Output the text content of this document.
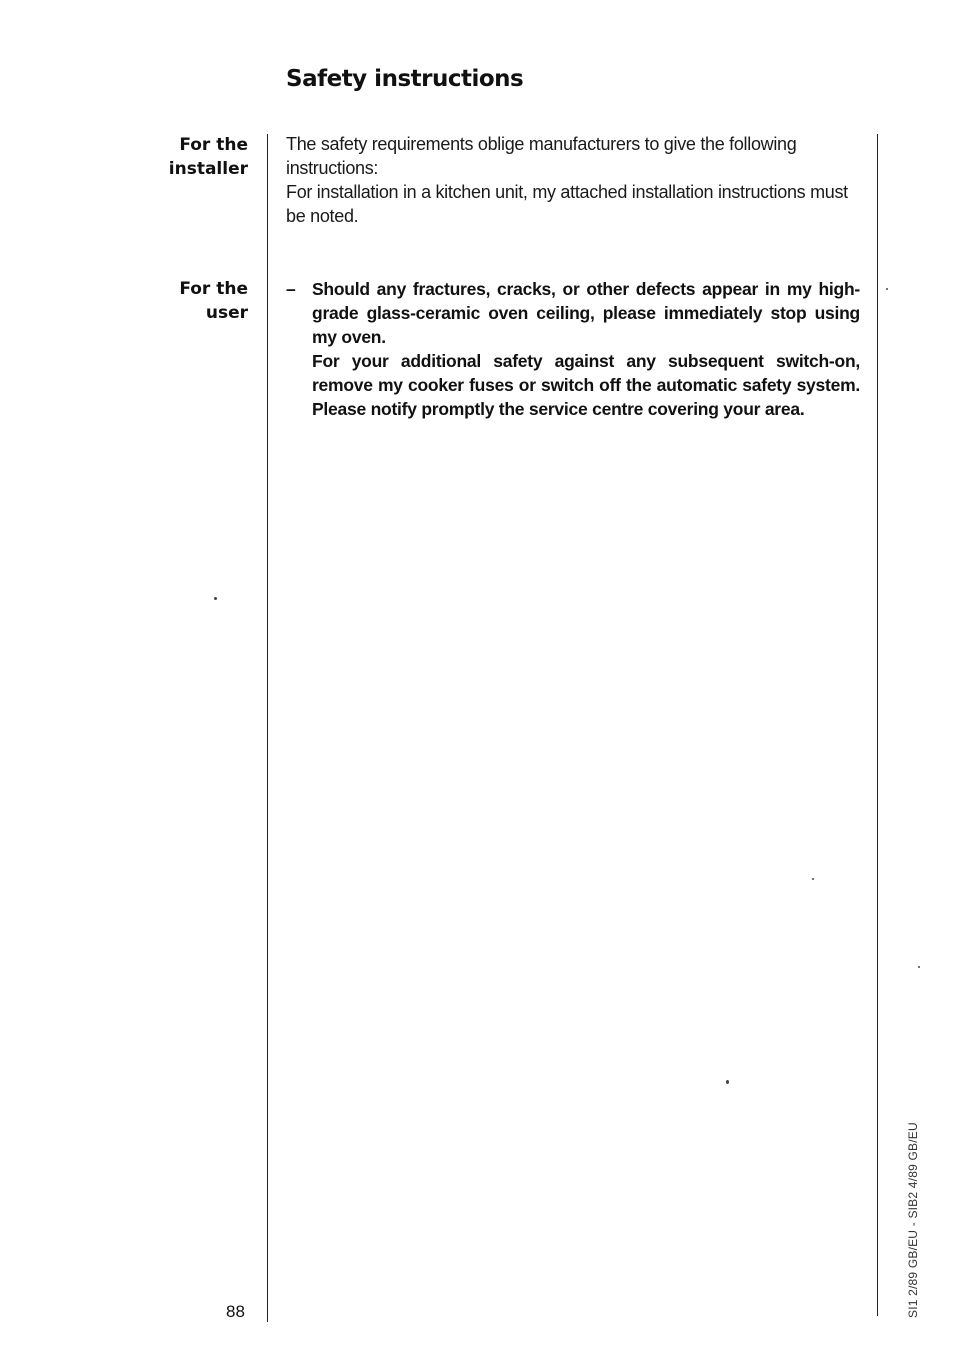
Safety instructions
For the
installer

The safety requirements oblige manufacturers to give the following instructions:

For installation in a kitchen unit, my attached installation instructions must be noted.

For the
user
– Should any fractures, cracks, or other defects appear in my high-grade glass-ceramic oven ceiling, please immediately stop using my oven.

For your additional safety against any subsequent switch-on, remove my cooker fuses or switch off the automatic safety system. Please notify promptly the service centre covering your area.

88	SI1 2/89 GB/EU - SIB2 4/89 GB/EU
